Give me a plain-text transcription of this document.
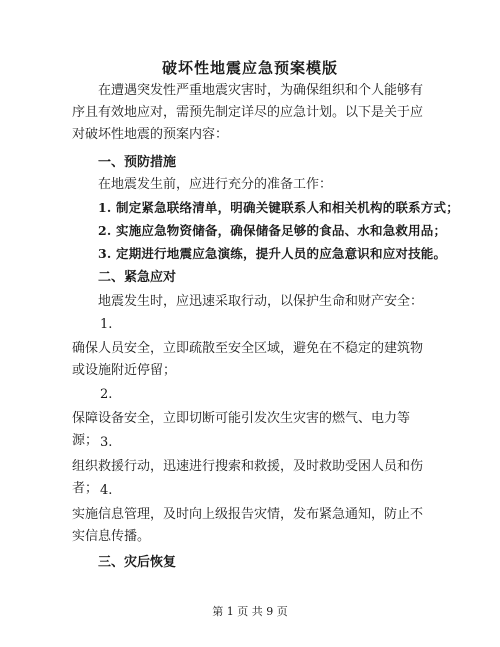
破坏性地震应急预案模版

在遭遇突发性严重地震灾害时，为确保组织和个人能够有序且有效地应对，需预先制定详尽的应急计划。以下是关于应对破坏性地震的预案内容：

一、预防措施

在地震发生前，应进行充分的准备工作：

1. 制定紧急联络清单，明确关键联系人和相关机构的联系方式；

2. 实施应急物资储备，确保储备足够的食品、水和急救用品；

3. 定期进行地震应急演练，提升人员的应急意识和应对技能。

二、紧急应对

地震发生时，应迅速采取行动，以保护生命和财产安全：

1.

确保人员安全，立即疏散至安全区域，避免在不稳定的建筑物或设施附近停留；

2.

保障设备安全，立即切断可能引发次生灾害的燃气、电力等源； 3.

组织救援行动，迅速进行搜索和救援，及时救助受困人员和伤者； 4.

实施信息管理，及时向上级报告灾情，发布紧急通知，防止不实信息传播。

三、灾后恢复

第 1 页 共 9 页
